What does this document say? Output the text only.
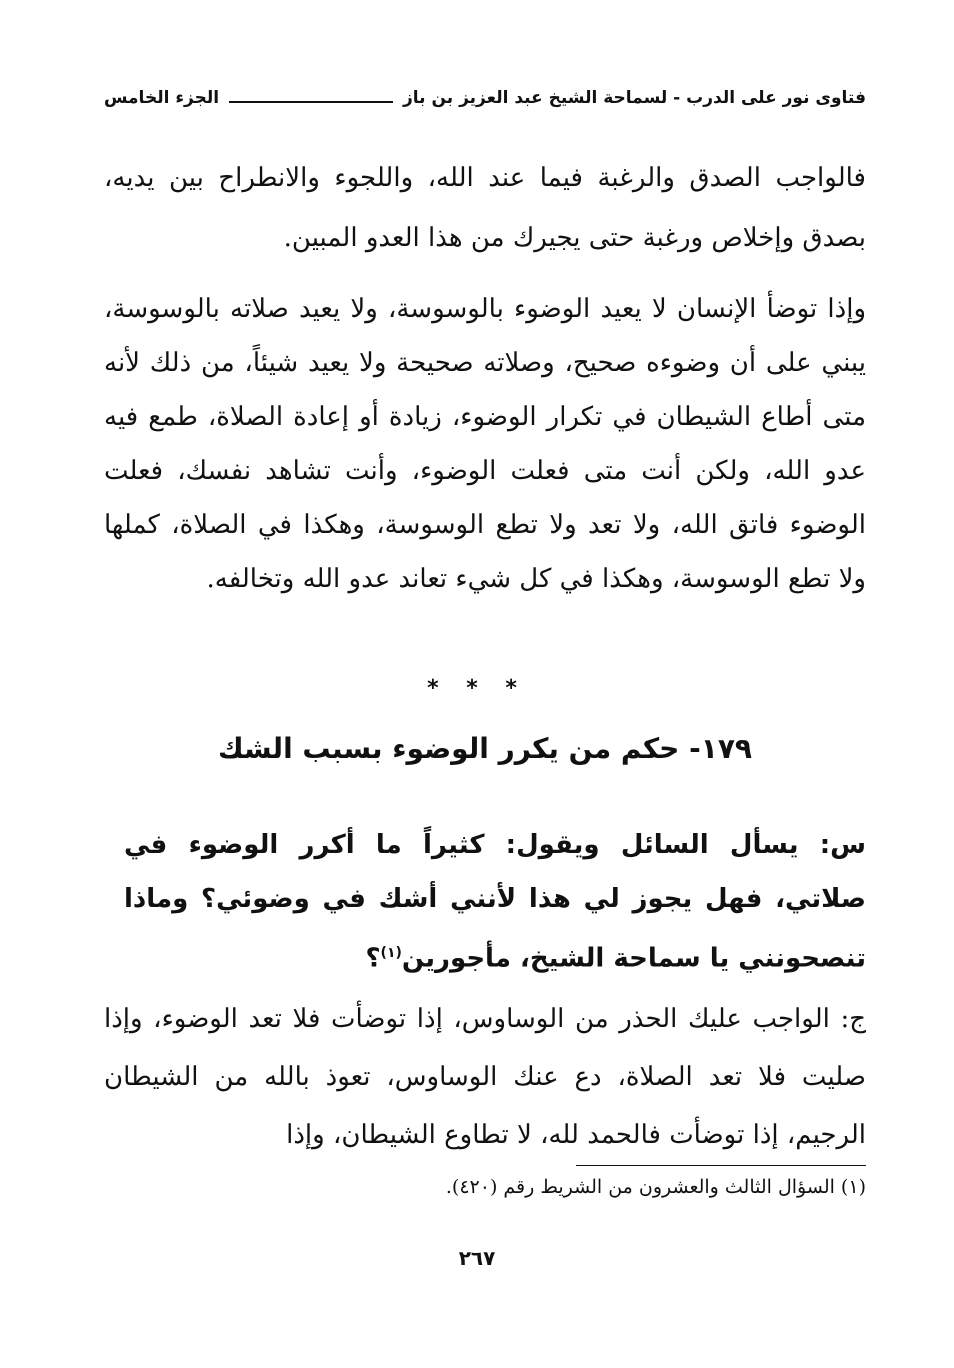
فتاوى نور على الدرب - لسماحة الشيخ عبد العزيز بن باز
الجزء الخامس
فالواجب الصدق والرغبة فيما عند الله، واللجوء والانطراح بين يديه، بصدق وإخلاص ورغبة حتى يجيرك من هذا العدو المبين.
وإذا توضأ الإنسان لا يعيد الوضوء بالوسوسة، ولا يعيد صلاته بالوسوسة، يبني على أن وضوءه صحيح، وصلاته صحيحة ولا يعيد شيئاً، من ذلك لأنه متى أطاع الشيطان في تكرار الوضوء، زيادة أو إعادة الصلاة، طمع فيه عدو الله، ولكن أنت متى فعلت الوضوء، وأنت تشاهد نفسك، فعلت الوضوء فاتق الله، ولا تعد ولا تطع الوسوسة، وهكذا في الصلاة، كملها ولا تطع الوسوسة، وهكذا في كل شيء تعاند عدو الله وتخالفه.
* * *
١٧٩- حكم من يكرر الوضوء بسبب الشك
س: يسأل السائل ويقول: كثيراً ما أكرر الوضوء في صلاتي، فهل يجوز لي هذا لأنني أشك في وضوئي؟ وماذا تنصحونني يا سماحة الشيخ، مأجورين$^{(١)}$؟
ج: الواجب عليك الحذر من الوساوس، إذا توضأت فلا تعد الوضوء، وإذا صليت فلا تعد الصلاة، دع عنك الوساوس، تعوذ بالله من الشيطان الرجيم، إذا توضأت فالحمد لله، لا تطاوع الشيطان، وإذا
(١) السؤال الثالث والعشرون من الشريط رقم (٤٢٠).
٢٦٧
